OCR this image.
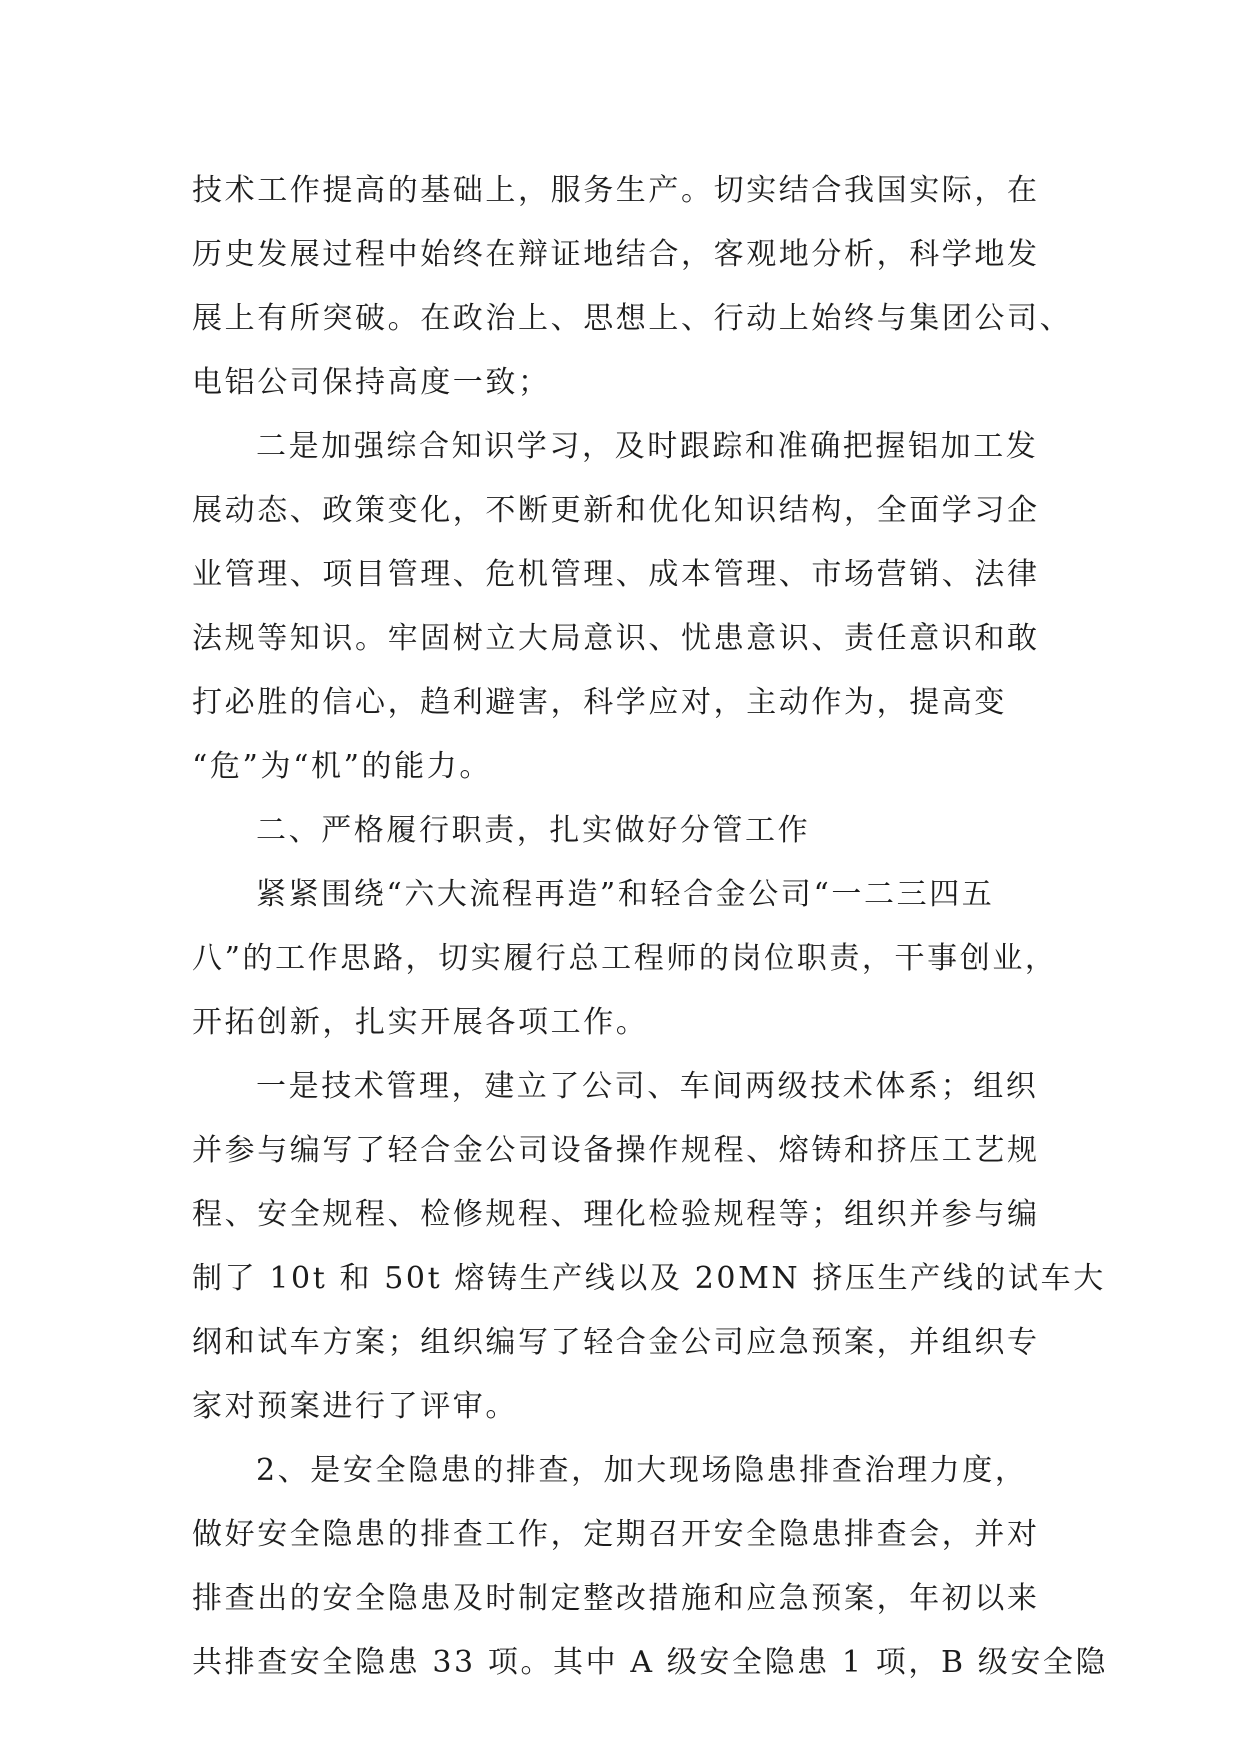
技术工作提高的基础上，服务生产。切实结合我国实际，在
历史发展过程中始终在辩证地结合，客观地分析，科学地发
展上有所突破。在政治上、思想上、行动上始终与集团公司、
电铝公司保持高度一致；
二是加强综合知识学习，及时跟踪和准确把握铝加工发
展动态、政策变化，不断更新和优化知识结构，全面学习企
业管理、项目管理、危机管理、成本管理、市场营销、法律
法规等知识。牢固树立大局意识、忧患意识、责任意识和敢
打必胜的信心，趋利避害，科学应对，主动作为，提高变
“危”为“机”的能力。
二、严格履行职责，扎实做好分管工作
紧紧围绕“六大流程再造”和轻合金公司“一二三四五
八”的工作思路，切实履行总工程师的岗位职责，干事创业，
开拓创新，扎实开展各项工作。
一是技术管理，建立了公司、车间两级技术体系；组织
并参与编写了轻合金公司设备操作规程、熔铸和挤压工艺规
程、安全规程、检修规程、理化检验规程等；组织并参与编
制了 10t 和 50t 熔铸生产线以及 20MN 挤压生产线的试车大
纲和试车方案；组织编写了轻合金公司应急预案，并组织专
家对预案进行了评审。
2、是安全隐患的排查，加大现场隐患排查治理力度，
做好安全隐患的排查工作，定期召开安全隐患排查会，并对
排查出的安全隐患及时制定整改措施和应急预案，年初以来
共排查安全隐患 33 项。其中 A 级安全隐患 1 项，B 级安全隐
